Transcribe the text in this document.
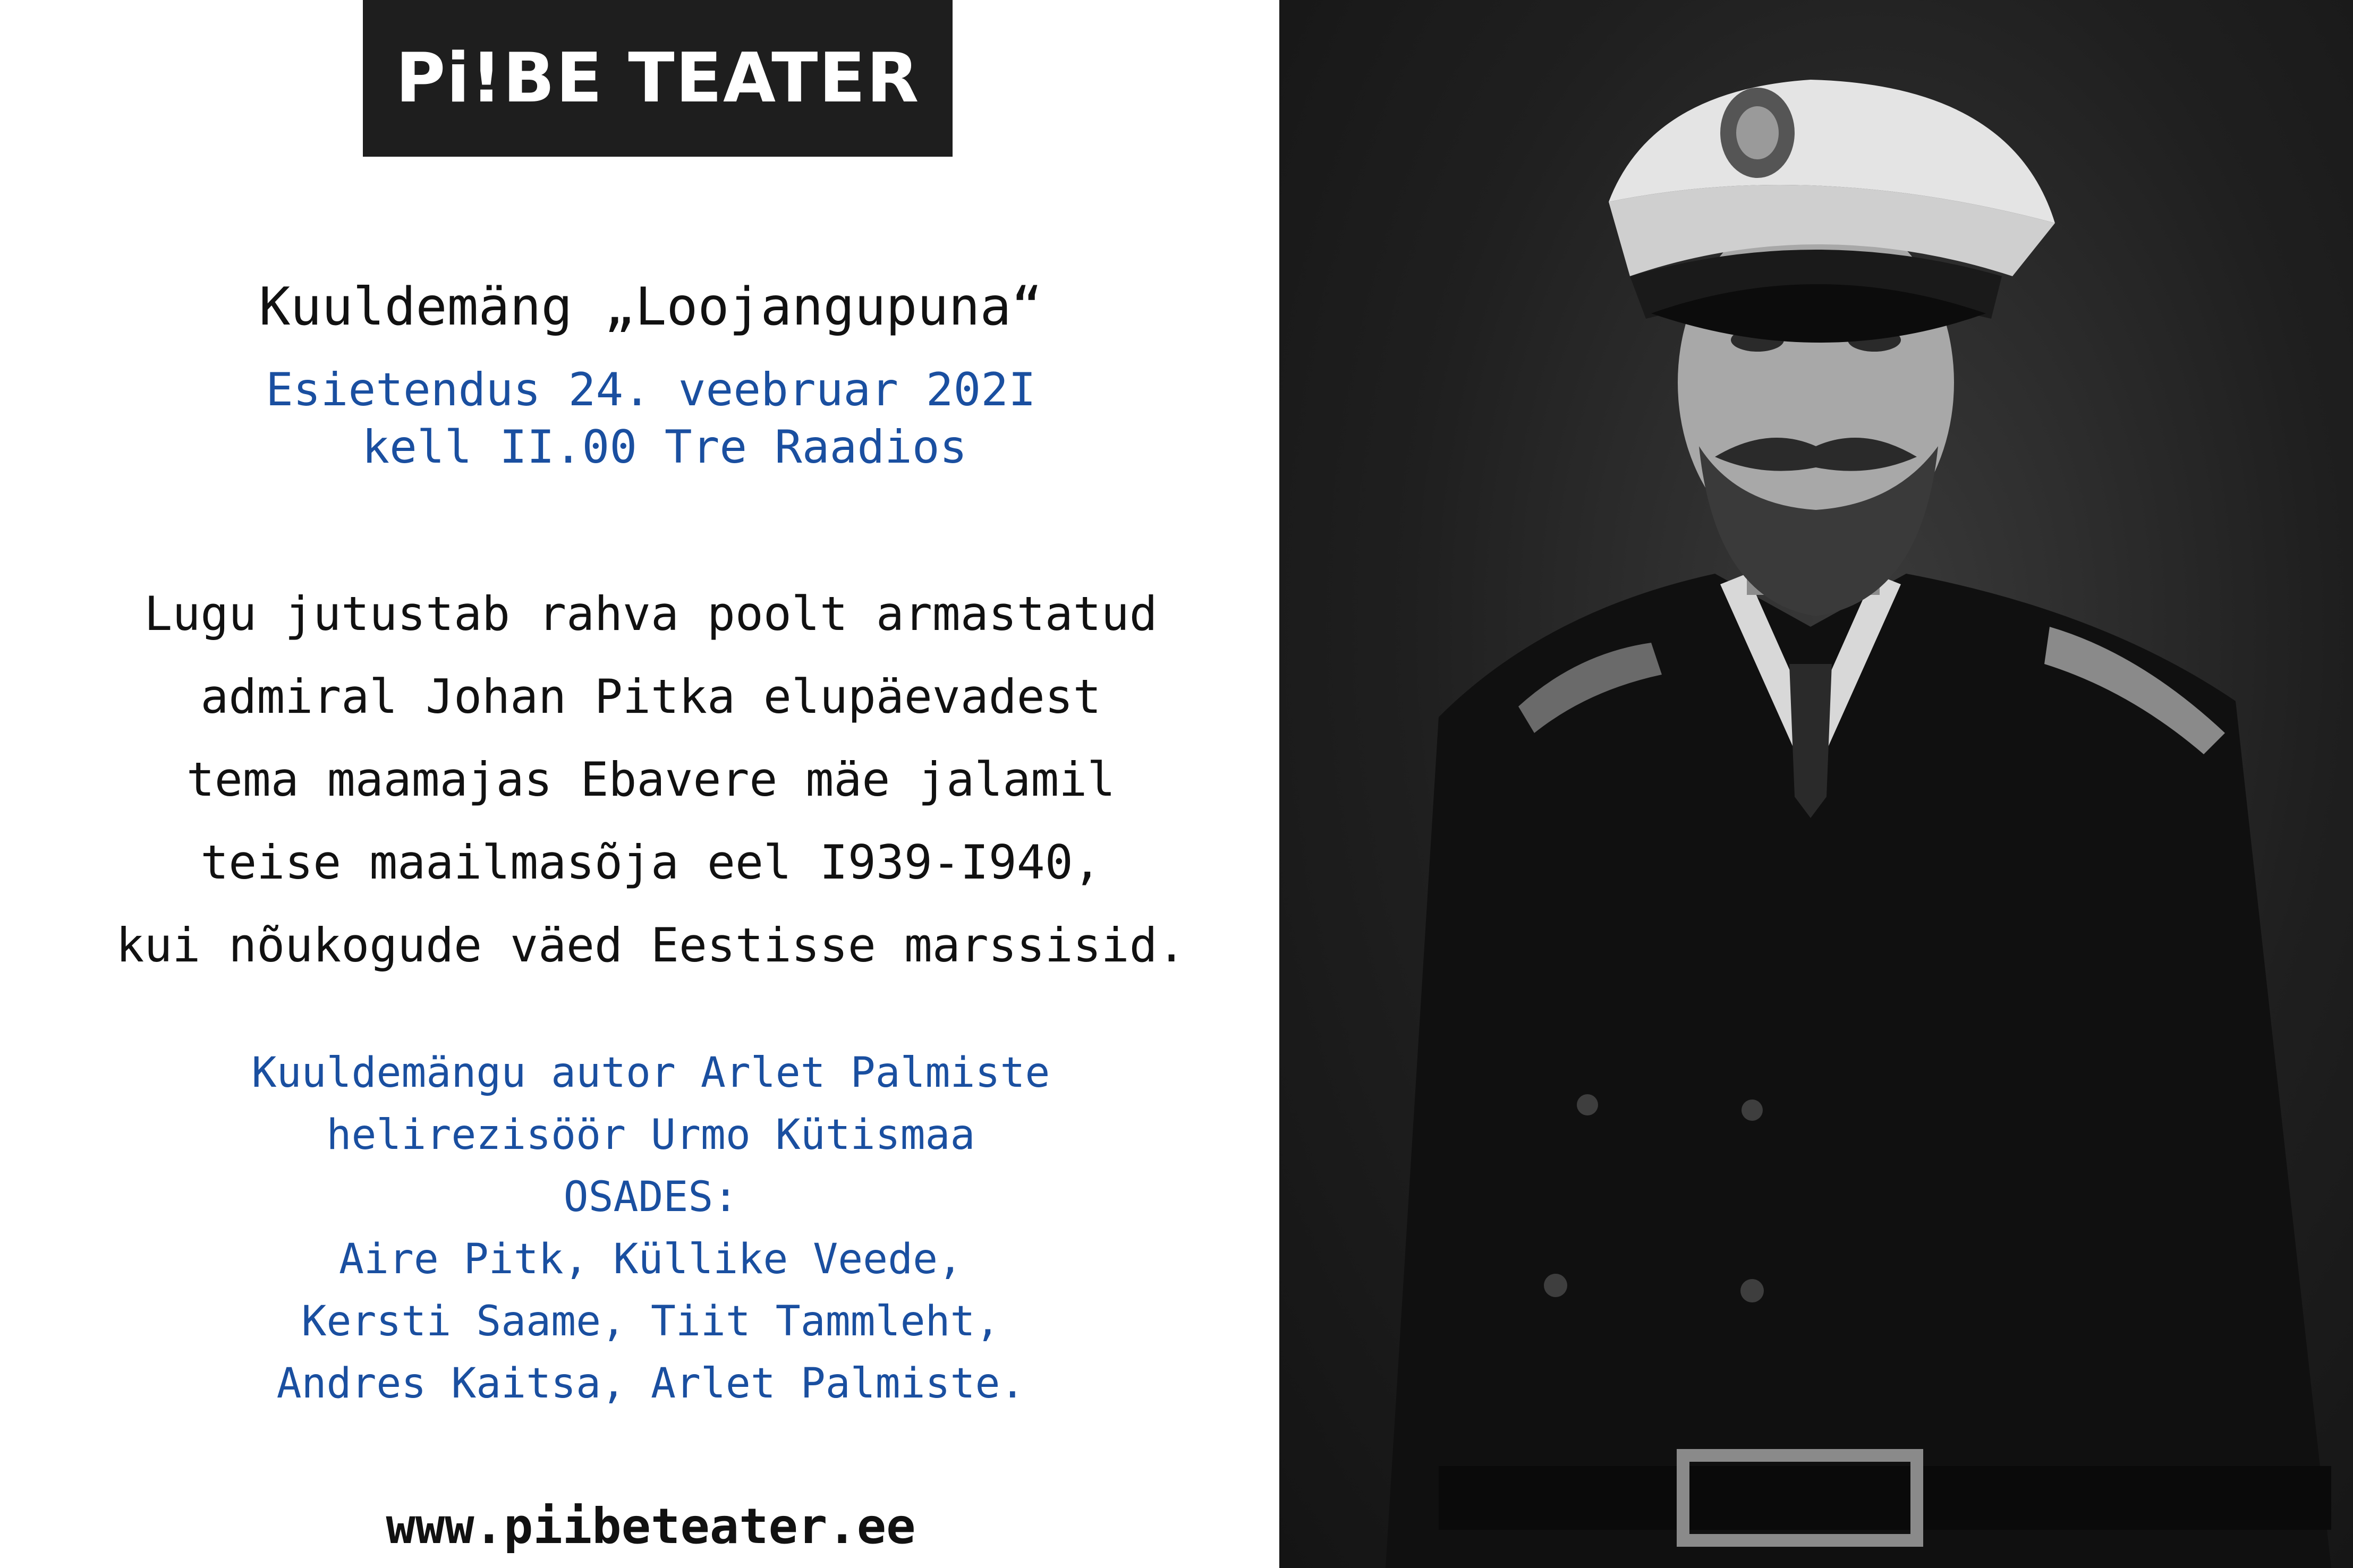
Pi!BE TEATER
Kuuldemäng „Loojangupuna“
Esietendus 24. veebruar 202I
kell II.00 Tre Raadios
Lugu jutustab rahva poolt armastatud
admiral Johan Pitka elupäevadest
tema maamajas Ebavere mäe jalamil
teise maailmasõja eel I939-I940,
kui nõukogude väed Eestisse marssisid.
Kuuldemängu autor Arlet Palmiste
helirezisöör Urmo Kütismaa
OSADES:
Aire Pitk, Küllike Veede,
Kersti Saame, Tiit Tammleht,
Andres Kaitsa, Arlet Palmiste.
www.piibeteater.ee
